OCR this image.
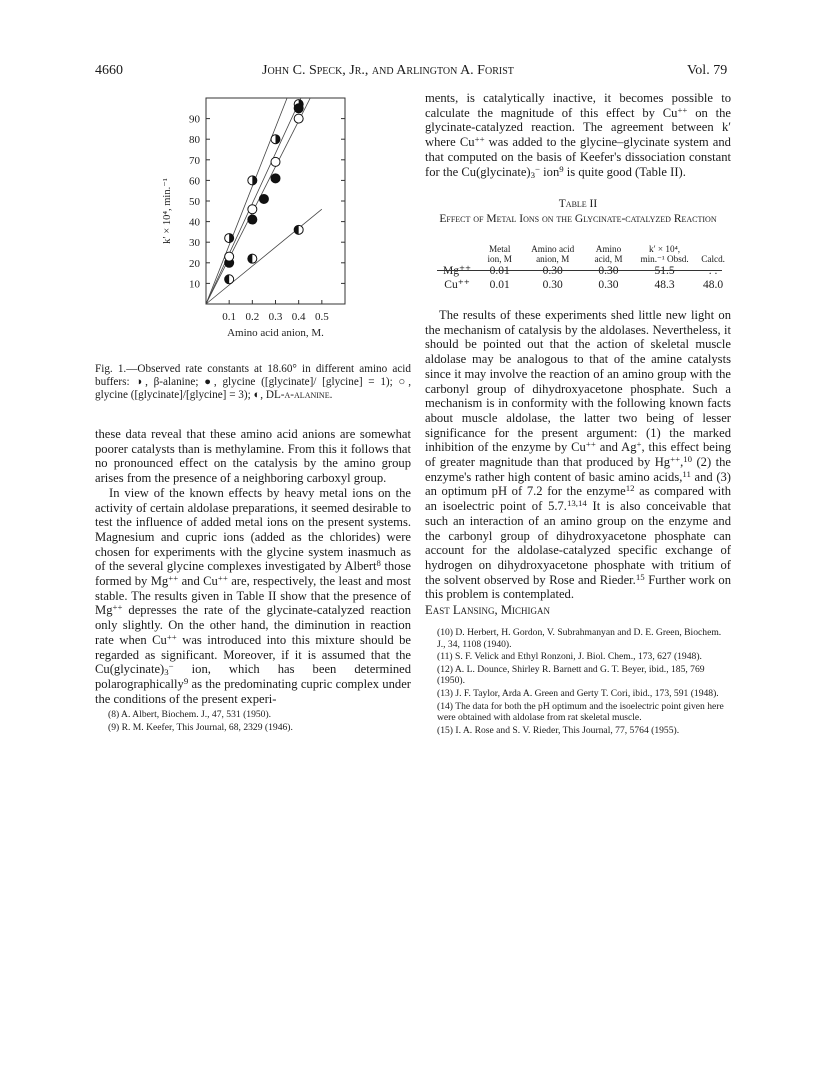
4660	John C. Speck, Jr., and Arlington A. Forist	Vol. 79
10
20
30
40
50
60
70
80
90
0.1 0.2 0.3 0.4 0.5
Amino acid anion, M.
k′ × 10⁴, min.⁻¹
Fig. 1.—Observed rate constants at 18.60° in different amino acid buffers: ◑, β-alanine; ●, glycine ([glycinate]/ [glycine] = 1); ○, glycine ([glycinate]/[glycine] = 3); ◐, DL-α-alanine.

these data reveal that these amino acid anions are somewhat poorer catalysts than is methylamine. From this it follows that no pronounced effect on the catalysis by the amino group arises from the presence of a neighboring carboxyl group.

In view of the known effects by heavy metal ions on the activity of certain aldolase preparations, it seemed desirable to test the influence of added metal ions on the present systems. Magnesium and cupric ions (added as the chlorides) were chosen for experiments with the glycine system inasmuch as of the several glycine complexes investigated by Albert$^8$ those formed by Mg++ and Cu++ are, respectively, the least and most stable. The results given in Table II show that the presence of Mg++ depresses the rate of the glycinate-catalyzed reaction only slightly. On the other hand, the diminution in reaction rate when Cu++ was introduced into this mixture should be regarded as significant. Moreover, if it is assumed that the $Cu(glycinate)_3^-$ ion, which has been determined polarographically$^9$ as the predominating cupric complex under the conditions of the present experi-

(8) A. Albert, Biochem. J., 47, 531 (1950).

(9) R. M. Keefer, This Journal, 68, 2329 (1946).

ments, is catalytically inactive, it becomes possible to calculate the magnitude of this effect by Cu++ on the glycinate-catalyzed reaction. The agreement between k′ where Cu++ was added to the glycine–glycinate system and that computed on the basis of Keefer's dissociation constant for the $Cu(glycinate)_3^-$ ion$^9$ is quite good (Table II).

Table II
Effect of Metal Ions on the Glycinate-catalyzed Reaction
	Metal ion, M	Amino acid anion, M	Amino acid, M	k′ × 10⁴, min.⁻¹ Obsd.	Calcd.
Mg⁺⁺	0.01	0.30	0.30	51.5	. .
Cu⁺⁺	0.01	0.30	0.30	48.3	48.0

The results of these experiments shed little new light on the mechanism of catalysis by the aldolases. Nevertheless, it should be pointed out that the action of skeletal muscle aldolase may be analogous to that of the amine catalysts since it may involve the reaction of an amino group with the carbonyl group of dihydroxyacetone phosphate. Such a mechanism is in conformity with the following known facts about muscle aldolase, the latter two being of lesser significance for the present argument: (1) the marked inhibition of the enzyme by Cu++ and Ag+, this effect being of greater magnitude than that produced by Hg++,$^{10}$ (2) the enzyme's rather high content of basic amino acids,$^{11}$ and (3) an optimum pH of 7.2 for the enzyme$^{12}$ as compared with an isoelectric point of 5.7.$^{13,14}$ It is also conceivable that such an interaction of an amino group on the enzyme and the carbonyl group of dihydroxyacetone phosphate can account for the aldolase-catalyzed specific exchange of hydrogen on dihydroxyacetone phosphate with tritium of the solvent observed by Rose and Rieder.$^{15}$ Further work on this problem is contemplated.

East Lansing, Michigan

(10) D. Herbert, H. Gordon, V. Subrahmanyan and D. E. Green, Biochem. J., 34, 1108 (1940).

(11) S. F. Velick and Ethyl Ronzoni, J. Biol. Chem., 173, 627 (1948).

(12) A. L. Dounce, Shirley R. Barnett and G. T. Beyer, ibid., 185, 769 (1950).

(13) J. F. Taylor, Arda A. Green and Gerty T. Cori, ibid., 173, 591 (1948).

(14) The data for both the pH optimum and the isoelectric point given here were obtained with aldolase from rat skeletal muscle.

(15) I. A. Rose and S. V. Rieder, This Journal, 77, 5764 (1955).
